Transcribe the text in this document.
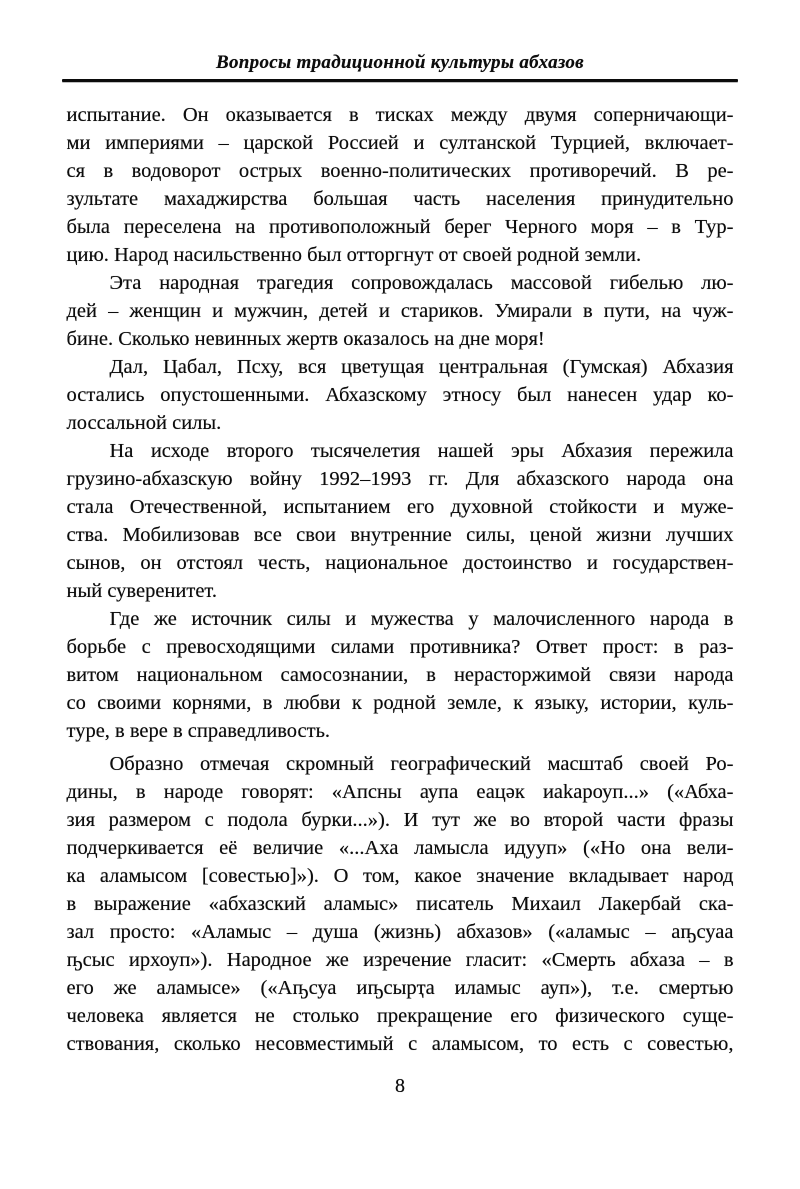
Вопросы традиционной культуры абхазов
испытание. Он оказывается в тисках между двумя соперничающи-
ми империями – царской Россией и султанской Турцией, включает-
ся в водоворот острых военно-политических противоречий. В ре-
зультате махаджирства большая часть населения принудительно
была переселена на противоположный берег Черного моря – в Тур-
цию. Народ насильственно был отторгнут от своей родной земли.
Эта народная трагедия сопровождалась массовой гибелью лю-
дей – женщин и мужчин, детей и стариков. Умирали в пути, на чуж-
бине. Сколько невинных жертв оказалось на дне моря!
Дал, Цабал, Псху, вся цветущая центральная (Гумская) Абхазия
остались опустошенными. Абхазскому этносу был нанесен удар ко-
лоссальной силы.
На исходе второго тысячелетия нашей эры Абхазия пережила
грузино-абхазскую войну 1992–1993 гг. Для абхазского народа она
стала Отечественной, испытанием его духовной стойкости и муже-
ства. Мобилизовав все свои внутренние силы, ценой жизни лучших
сынов, он отстоял честь, национальное достоинство и государствен-
ный суверенитет.
Где же источник силы и мужества у малочисленного народа в
борьбе с превосходящими силами противника? Ответ прост: в раз-
витом национальном самосознании, в нерасторжимой связи народа
со своими корнями, в любви к родной земле, к языку, истории, куль-
туре, в вере в справедливость.
Образно отмечая скромный географический масштаб своей Ро-
дины, в народе говорят: «Апсны аупа еацәк иаkароуп...» («Абха-
зия размером с подола бурки...»). И тут же во второй части фразы
подчеркивается её величие «...Аха ламысла идууп» («Но она вели-
ка аламысом [совестью]»). О том, какое значение вкладывает народ
в выражение «абхазский аламыс» писатель Михаил Лакербай ска-
зал просто: «Аламыс – душа (жизнь) абхазов» («аламыс – аҧсуаа
ҧсыс ирхоуп»). Народное же изречение гласит: «Смерть абхаза – в
его же аламысе» («Аҧсуа иҧсырҭа иламыс ауп»), т.е. смертью
человека является не столько прекращение его физического суще-
ствования, сколько несовместимый с аламысом, то есть с совестью,
8
